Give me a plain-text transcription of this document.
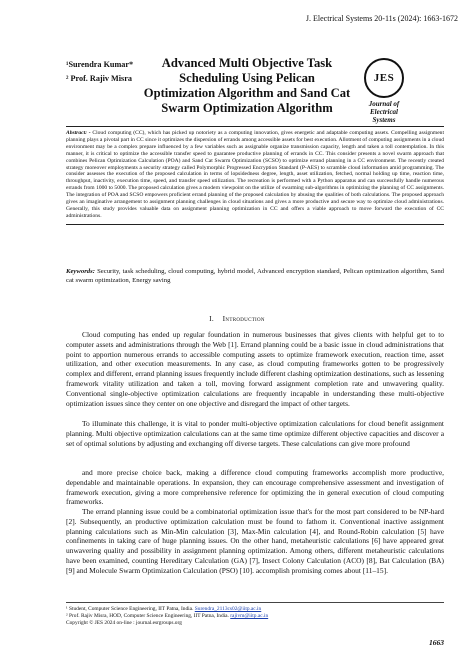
J. Electrical Systems 20-11s (2024): 1663-1672
¹Surendra Kumar*
² Prof. Rajiv Misra
Advanced Multi Objective Task Scheduling Using Pelican Optimization Algorithm and Sand Cat Swarm Optimization Algorithm
JES
Journal of
Electrical
Systems

Abstract: - Cloud computing (CC), which has picked up notoriety as a computing innovation, gives energetic and adaptable computing assets. Compelling assignment planning plays a pivotal part in CC since it optimizes the dispersion of errands among accessible assets for best execution. Allotment of computing assignments in a cloud environment may be a complex prepare influenced by a few variables such as assignable organize transmission capacity, length and taken a toll contemplation. In this manner, it is critical to optimize the accessible transfer speed to guarantee productive planning of errands in CC. This consider presents a novel swarm approach that combines Pelican Optimization Calculation (POA) and Sand Cat Swarm Optimization (SCSO) to optimize errand planning in a CC environment. The recently created strategy moreover employments a security strategy called Polymorphic Progressed Encryption Standard (P-AES) to scramble cloud information amid programming. The consider assesses the execution of the proposed calculation in terms of lopsidedness degree, length, asset utilization, fetched, normal holding up time, reaction time, throughput, inactivity, execution time, speed, and transfer speed utilization. The recreation is performed with a Python apparatus and can successfully handle numerous errands from 1000 to 5000. The proposed calculation gives a modern viewpoint on the utilize of swarming sub-algorithms in optimizing the planning of CC assignments. The integration of POA and SCSO empowers proficient errand planning of the proposed calculation by abusing the qualities of both calculations. The proposed approach gives an imaginative arrangement to assignment planning challenges in cloud situations and gives a more productive and secure way to optimize cloud administrations. Generally, this study provides valuable data on assignment planning optimization in CC and offers a viable approach to move forward the execution of CC administrations.

Keywords: Security, task scheduling, cloud computing, hybrid model, Advanced encryption standard, Pelican optimization algorithm, Sand cat swarm optimization, Energy saving

I. Introduction

Cloud computing has ended up regular foundation in numerous businesses that gives clients with helpful get to to computer assets and administrations through the Web [1]. Errand planning could be a basic issue in cloud administrations that point to apportion numerous errands to accessible computing assets to optimize framework execution, reaction time, asset utilization, and other execution measurements. In any case, as cloud computing frameworks gotten to be progressively complex and different, errand planning issues frequently include different clashing optimization destinations, such as lessening framework vitality utilization and taken a toll, moving forward assignment completion rate and unwavering quality. Conventional single-objective optimization calculations are frequently incapable in understanding these multi-objective optimization issues since they center on one objective and disregard the impact of other targets.

To illuminate this challenge, it is vital to ponder multi-objective optimization calculations for cloud benefit assignment planning. Multi objective optimization calculations can at the same time optimize different objective capacities and discover a set of optimal solutions by adjusting and exchanging off diverse targets. These calculations can give more profound

and more precise choice back, making a difference cloud computing frameworks accomplish more productive, dependable and maintainable operations. In expansion, they can encourage comprehensive assessment and investigation of framework execution, giving a more comprehensive reference for optimizing the in general execution of cloud computing frameworks.

The errand planning issue could be a combinatorial optimization issue that's for the most part considered to be NP-hard [2]. Subsequently, an productive optimization calculation must be found to fathom it. Conventional inactive assignment planning calculations such as Min-Min calculation [3], Max-Min calculation [4], and Round-Robin calculation [5] have confinements in taking care of huge planning issues. On the other hand, metaheuristic calculations [6] have appeared great unwavering quality and possibility in assignment planning optimization. Among others, different metaheuristic calculations have been examined, counting Hereditary Calculation (GA) [7], Insect Colony Calculation (ACO) [8], Bat Calculation (BA) [9] and Molecule Swarm Optimization Calculation (PSO) [10]. accomplish promising comes about [11–15].

¹ Student, Computer Science Engineering, IIT Patna, India. Surendra_2113cs02@iitp.ac.in
² Prof. Rajiv Misra, HOD, Computer Science Engineering, IIT Patna, India. rajivm@iitp.ac.in
Copyright © JES 2024 on-line : journal.esrgroups.org
1663
